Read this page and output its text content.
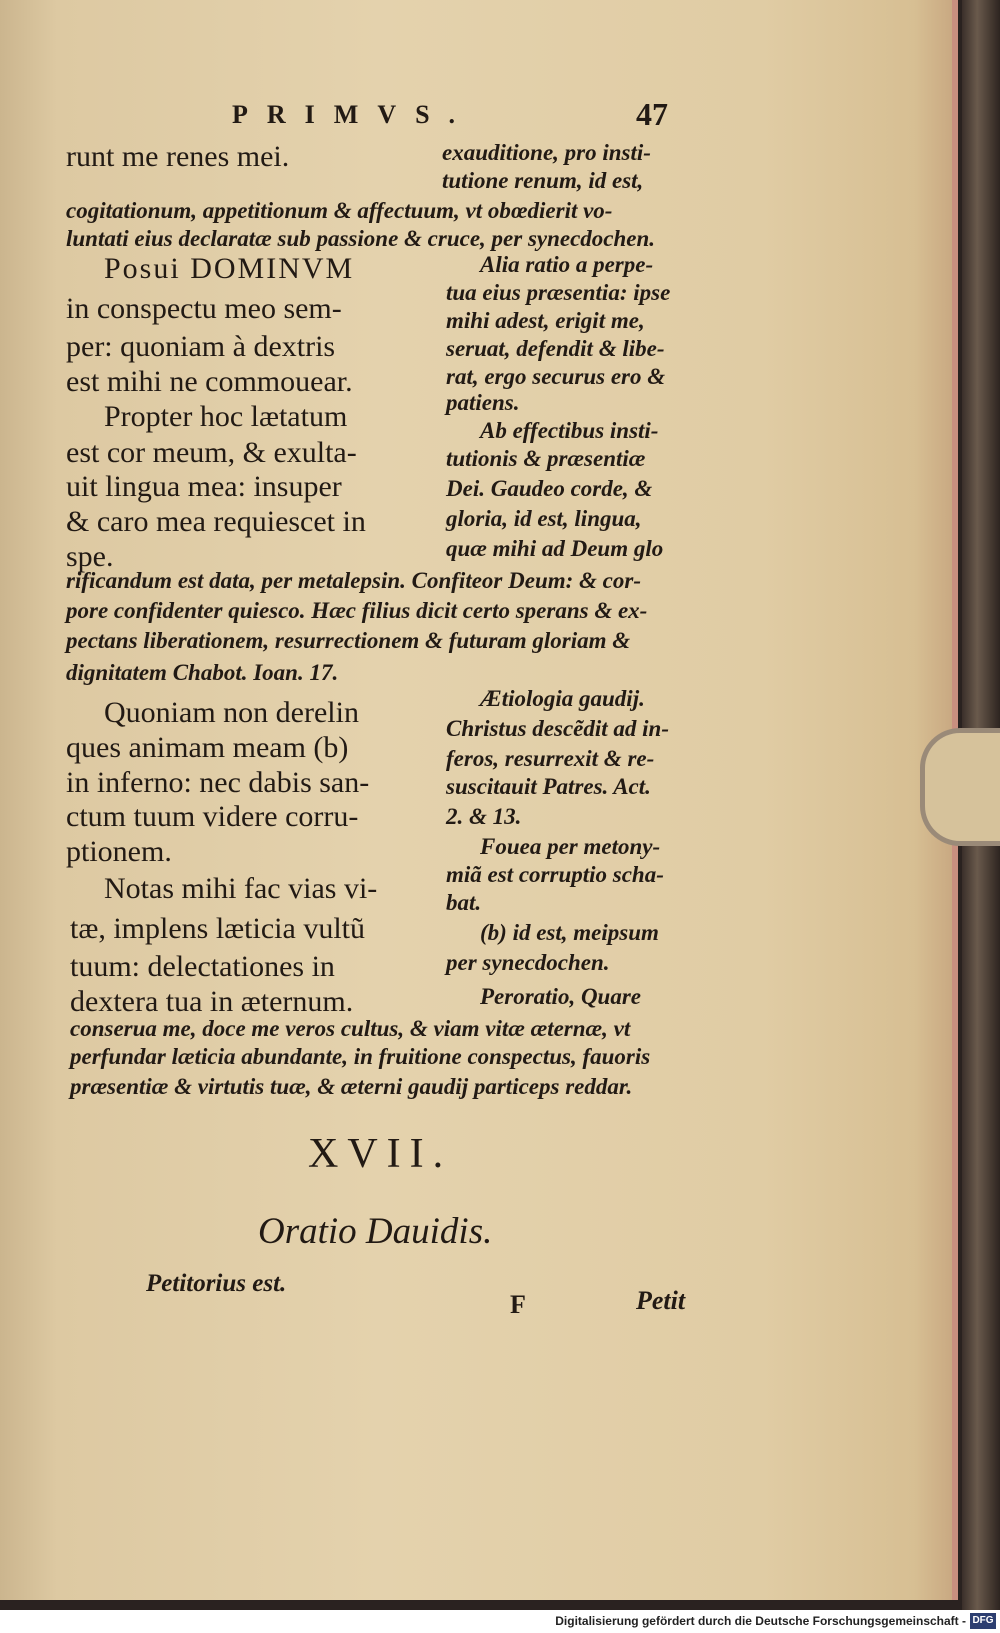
PRIMVS.	47
runt me renes mei.
Posui DOMINVM
in conspectu meo sem-
per: quoniam à dextris
est mihi ne commouear.
Propter hoc lætatum
est cor meum, & exulta-
uit lingua mea: insuper
& caro mea requiescet in
spe.
Quoniam non derelin
ques animam meam (b)
in inferno: nec dabis san-
ctum tuum videre corru-
ptionem.
Notas mihi fac vias vi-
tæ, implens læticia vultũ
tuum: delectationes in
dextera tua in æternum.
exauditione, pro insti-
tutione renum, id est,
Alia ratio a perpe-
tua eius præsentia: ipse
mihi adest, erigit me,
seruat, defendit & libe-
rat, ergo securus ero &
patiens.
Ab effectibus insti-
tutionis & præsentiæ
Dei. Gaudeo corde, &
gloria, id est, lingua,
quæ mihi ad Deum glo
Ætiologia gaudij.
Christus descẽdit ad in-
feros, resurrexit & re-
suscitauit Patres. Act.
2. & 13.
Fouea per metony-
miã est corruptio scha-
bat.
(b) id est, meipsum
per synecdochen.
Peroratio, Quare
cogitationum, appetitionum & affectuum, vt obœdierit vo-
luntati eius declaratæ sub passione & cruce, per synecdochen.
rificandum est data, per metalepsin. Confiteor Deum: & cor-
pore confidenter quiesco. Hæc filius dicit certo sperans & ex-
pectans liberationem, resurrectionem & futuram gloriam &
dignitatem Chabot. Ioan. 17.
conserua me, doce me veros cultus, & viam vitæ æternæ, vt
perfundar læticia abundante, in fruitione conspectus, fauoris
præsentiæ & virtutis tuæ, & æterni gaudij particeps reddar.
XVII.
Oratio Dauidis.
Petitorius est.
F	Petit
Digitalisierung gefördert durch die Deutsche Forschungsgemeinschaft - DFG
